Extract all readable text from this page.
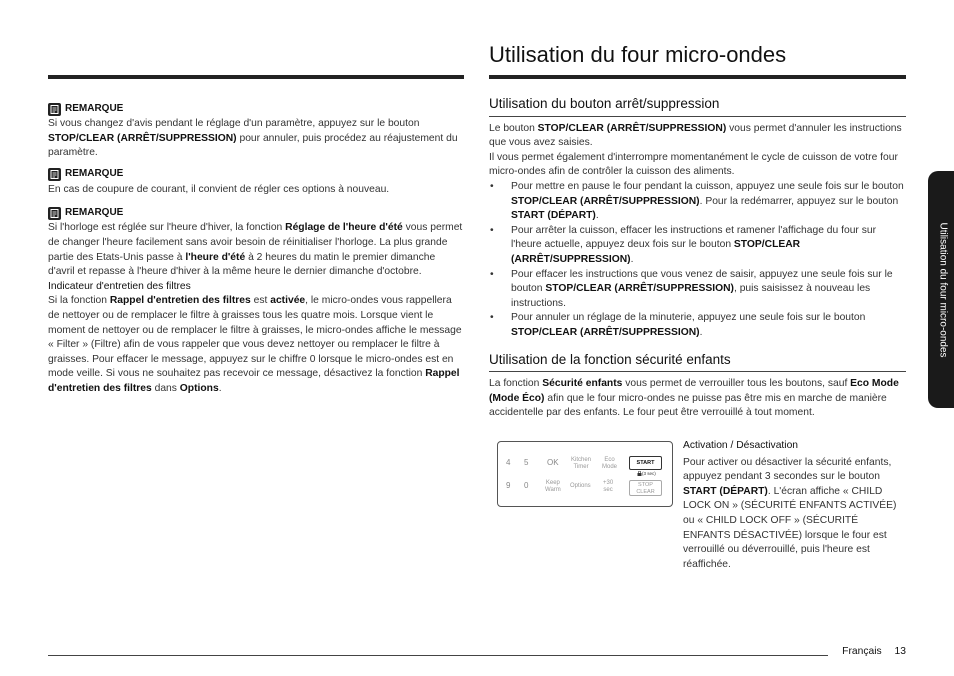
Utilisation du four micro-ondes
REMARQUE

Si vous changez d'avis pendant le réglage d'un paramètre, appuyez sur le bouton STOP/CLEAR (ARRÊT/SUPPRESSION) pour annuler, puis procédez au réajustement du paramètre.

REMARQUE

En cas de coupure de courant, il convient de régler ces options à nouveau.

REMARQUE

Si l'horloge est réglée sur l'heure d'hiver, la fonction Réglage de l'heure d'été vous permet de changer l'heure facilement sans avoir besoin de réinitialiser l'horloge. La plus grande partie des Etats-Unis passe à l'heure d'été à 2 heures du matin le premier dimanche d'avril et repasse à l'heure d'hiver à la même heure le dernier dimanche d'octobre.

Indicateur d'entretien des filtres

Si la fonction Rappel d'entretien des filtres est activée, le micro-ondes vous rappellera de nettoyer ou de remplacer le filtre à graisses tous les quatre mois. Lorsque vient le moment de nettoyer ou de remplacer le filtre à graisses, le micro-ondes affiche le message « Filter » (Filtre) afin de vous rappeler que vous devez nettoyer ou remplacer le filtre à graisses. Pour effacer le message, appuyez sur le chiffre 0 lorsque le micro-ondes est en mode veille. Si vous ne souhaitez pas recevoir ce message, désactivez la fonction Rappel d'entretien des filtres dans Options.

Utilisation du bouton arrêt/suppression

Le bouton STOP/CLEAR (ARRÊT/SUPPRESSION) vous permet d'annuler les instructions que vous avez saisies.

Il vous permet également d'interrompre momentanément le cycle de cuisson de votre four micro-ondes afin de contrôler la cuisson des aliments.

• Pour mettre en pause le four pendant la cuisson, appuyez une seule fois sur le bouton STOP/CLEAR (ARRÊT/SUPPRESSION). Pour la redémarrer, appuyez sur le bouton START (DÉPART).
• Pour arrêter la cuisson, effacer les instructions et ramener l'affichage du four sur l'heure actuelle, appuyez deux fois sur le bouton STOP/CLEAR (ARRÊT/SUPPRESSION).
• Pour effacer les instructions que vous venez de saisir, appuyez une seule fois sur le bouton STOP/CLEAR (ARRÊT/SUPPRESSION), puis saisissez à nouveau les instructions.
• Pour annuler un réglage de la minuterie, appuyez une seule fois sur le bouton STOP/CLEAR (ARRÊT/SUPPRESSION).
Utilisation de la fonction sécurité enfants

La fonction Sécurité enfants vous permet de verrouiller tous les boutons, sauf Eco Mode (Mode Éco) afin que le four micro-ondes ne puisse pas être mis en marche de manière accidentelle par des enfants. Le four peut être verrouillé à tout moment.

4 5 OK Kitchen
Timer
Eco
Mode
9 0	Keep
Warm
Options +30
sec
START
(3 sec)
STOP
CLEAR

Activation / Désactivation

Pour activer ou désactiver la sécurité enfants, appuyez pendant 3 secondes sur le bouton START (DÉPART). L'écran affiche « CHILD LOCK ON » (SÉCURITÉ ENFANTS ACTIVÉE) ou « CHILD LOCK OFF » (SÉCURITÉ ENFANTS DÉSACTIVÉE) lorsque le four est verrouillé ou déverrouillé, puis l'heure est réaffichée.

Utilisation du four micro-ondes
Français 13
